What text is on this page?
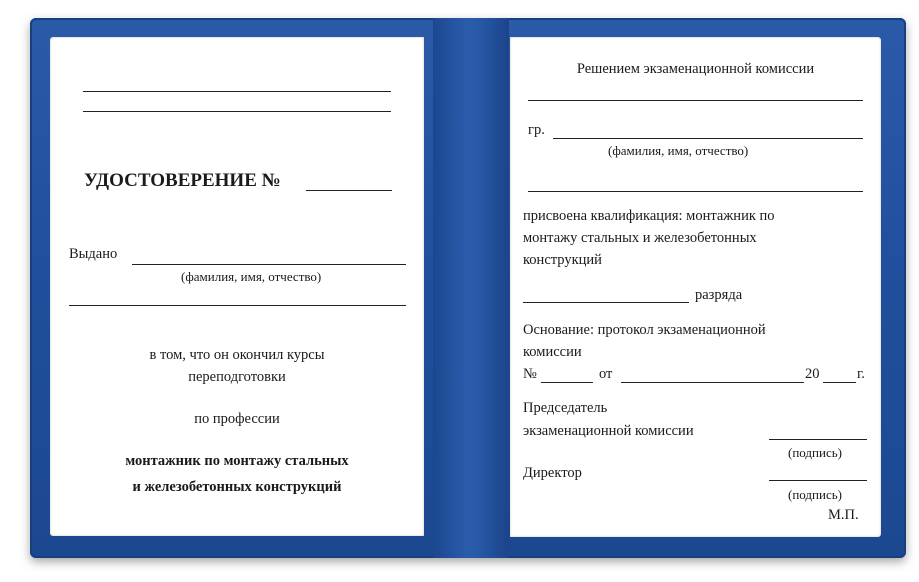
УДОСТОВЕРЕНИЕ №
Выдано
(фамилия, имя, отчество)
в том, что он окончил курсы
переподготовки
по профессии
монтажник по монтажу стальных
и железобетонных конструкций
Решением экзаменационной комиссии
гр.
(фамилия, имя, отчество)
присвоена квалификация: монтажник по
монтажу стальных и железобетонных
конструкций
разряда
Основание: протокол экзаменационной
комиссии
№	от	20	г.
Председатель
экзаменационной комиссии
(подпись)
Директор
(подпись)
М.П.
